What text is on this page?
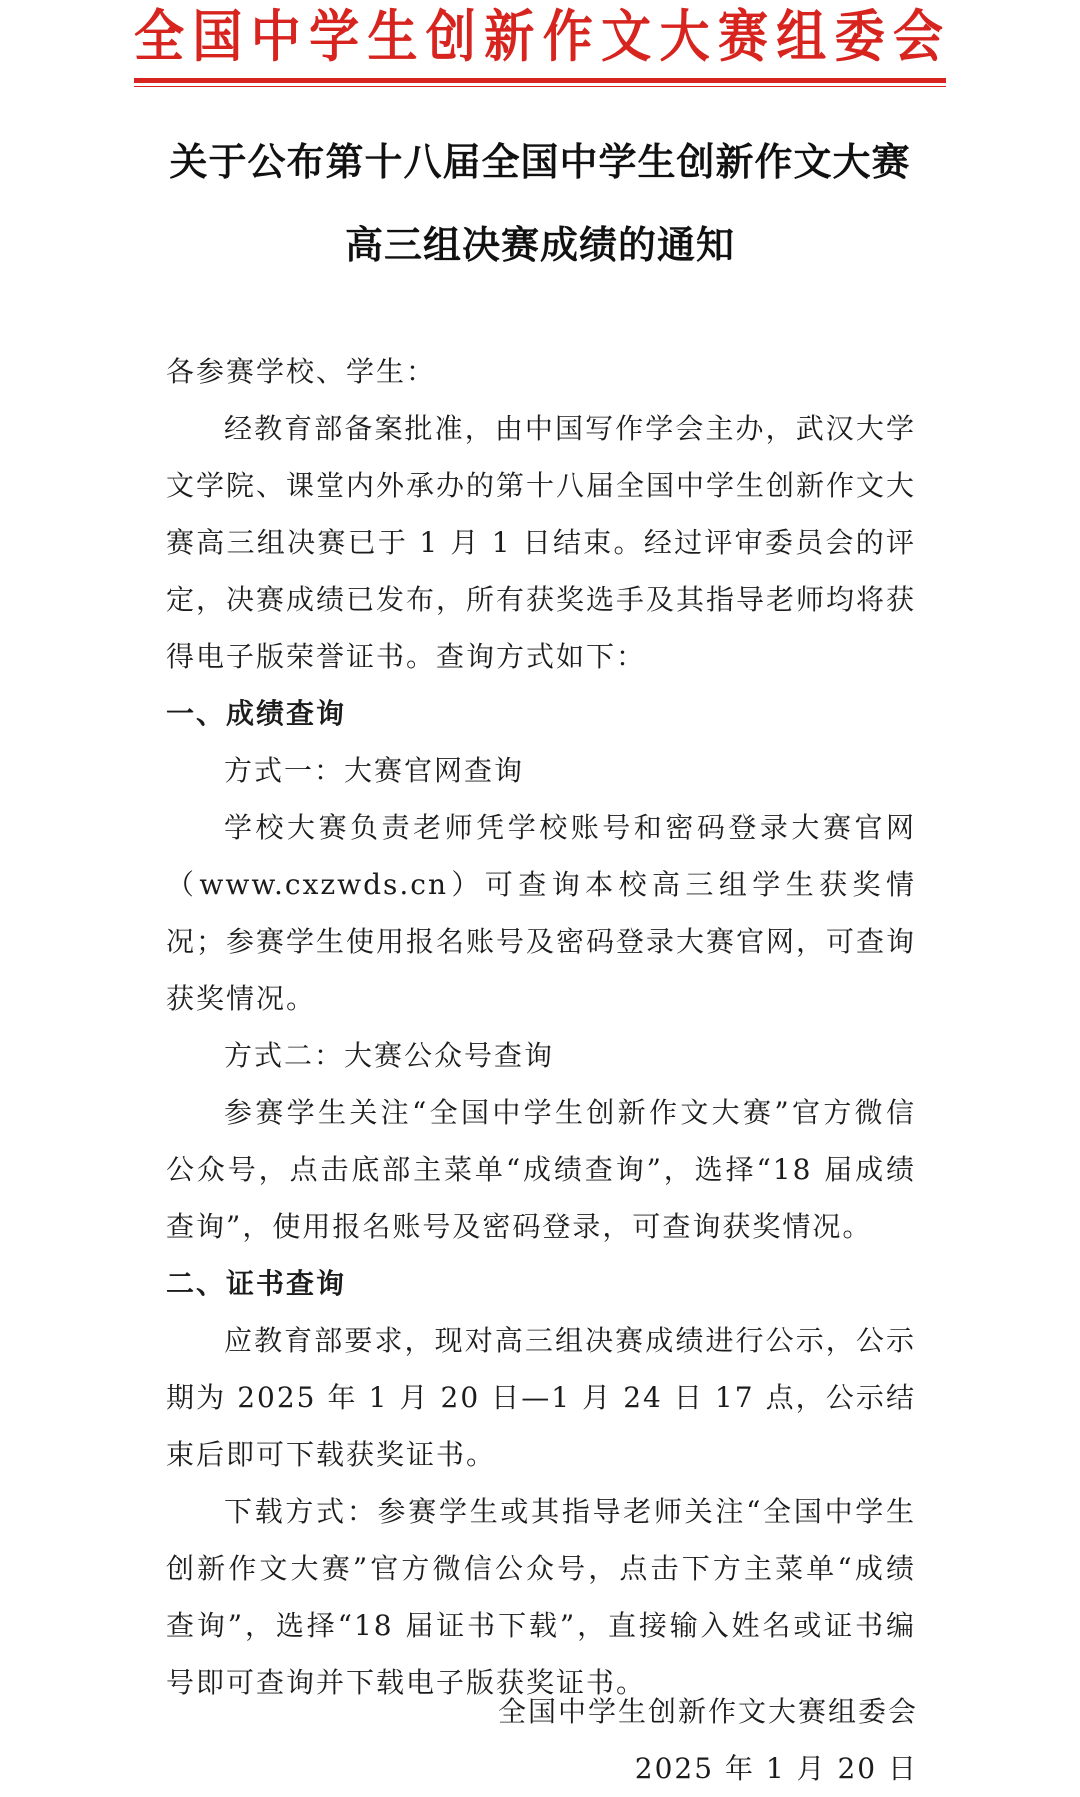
全国中学生创新作文大赛组委会
关于公布第十八届全国中学生创新作文大赛
高三组决赛成绩的通知

各参赛学校、学生：

经教育部备案批准，由中国写作学会主办，武汉大学文学院、课堂内外承办的第十八届全国中学生创新作文大赛高三组决赛已于 1 月 1 日结束。经过评审委员会的评定，决赛成绩已发布，所有获奖选手及其指导老师均将获得电子版荣誉证书。查询方式如下：

一、成绩查询

方式一：大赛官网查询

学校大赛负责老师凭学校账号和密码登录大赛官网（www.cxzwds.cn）可查询本校高三组学生获奖情况；参赛学生使用报名账号及密码登录大赛官网，可查询获奖情况。

方式二：大赛公众号查询

参赛学生关注“全国中学生创新作文大赛”官方微信公众号，点击底部主菜单“成绩查询”，选择“18 届成绩查询”，使用报名账号及密码登录，可查询获奖情况。

二、证书查询

应教育部要求，现对高三组决赛成绩进行公示，公示期为 2025 年 1 月 20 日—1 月 24 日 17 点，公示结束后即可下载获奖证书。

下载方式：参赛学生或其指导老师关注“全国中学生创新作文大赛”官方微信公众号，点击下方主菜单“成绩查询”，选择“18 届证书下载”，直接输入姓名或证书编号即可查询并下载电子版获奖证书。

全国中学生创新作文大赛组委会
2025 年 1 月 20 日
